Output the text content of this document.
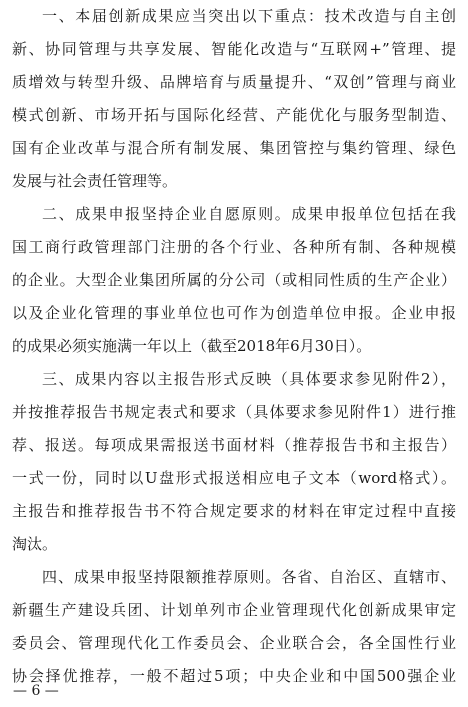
一、本届创新成果应当突出以下重点：技术改造与自主创
新、协同管理与共享发展、智能化改造与“互联网+”管理、提
质增效与转型升级、品牌培育与质量提升、“双创”管理与商业
模式创新、市场开拓与国际化经营、产能优化与服务型制造、
国有企业改革与混合所有制发展、集团管控与集约管理、绿色
发展与社会责任管理等。
二、成果申报坚持企业自愿原则。成果申报单位包括在我
国工商行政管理部门注册的各个行业、各种所有制、各种规模
的企业。大型企业集团所属的分公司（或相同性质的生产企业）
以及企业化管理的事业单位也可作为创造单位申报。企业申报
的成果必须实施满一年以上（截至2018年6月30日）。
三、成果内容以主报告形式反映（具体要求参见附件2），
并按推荐报告书规定表式和要求（具体要求参见附件1）进行推
荐、报送。每项成果需报送书面材料（推荐报告书和主报告）
一式一份，同时以U盘形式报送相应电子文本（word格式）。
主报告和推荐报告书不符合规定要求的材料在审定过程中直接
淘汰。
四、成果申报坚持限额推荐原则。各省、自治区、直辖市、
新疆生产建设兵团、计划单列市企业管理现代化创新成果审定
委员会、管理现代化工作委员会、企业联合会，各全国性行业
协会择优推荐，一般不超过5项；中央企业和中国500强企业
— 6 —
